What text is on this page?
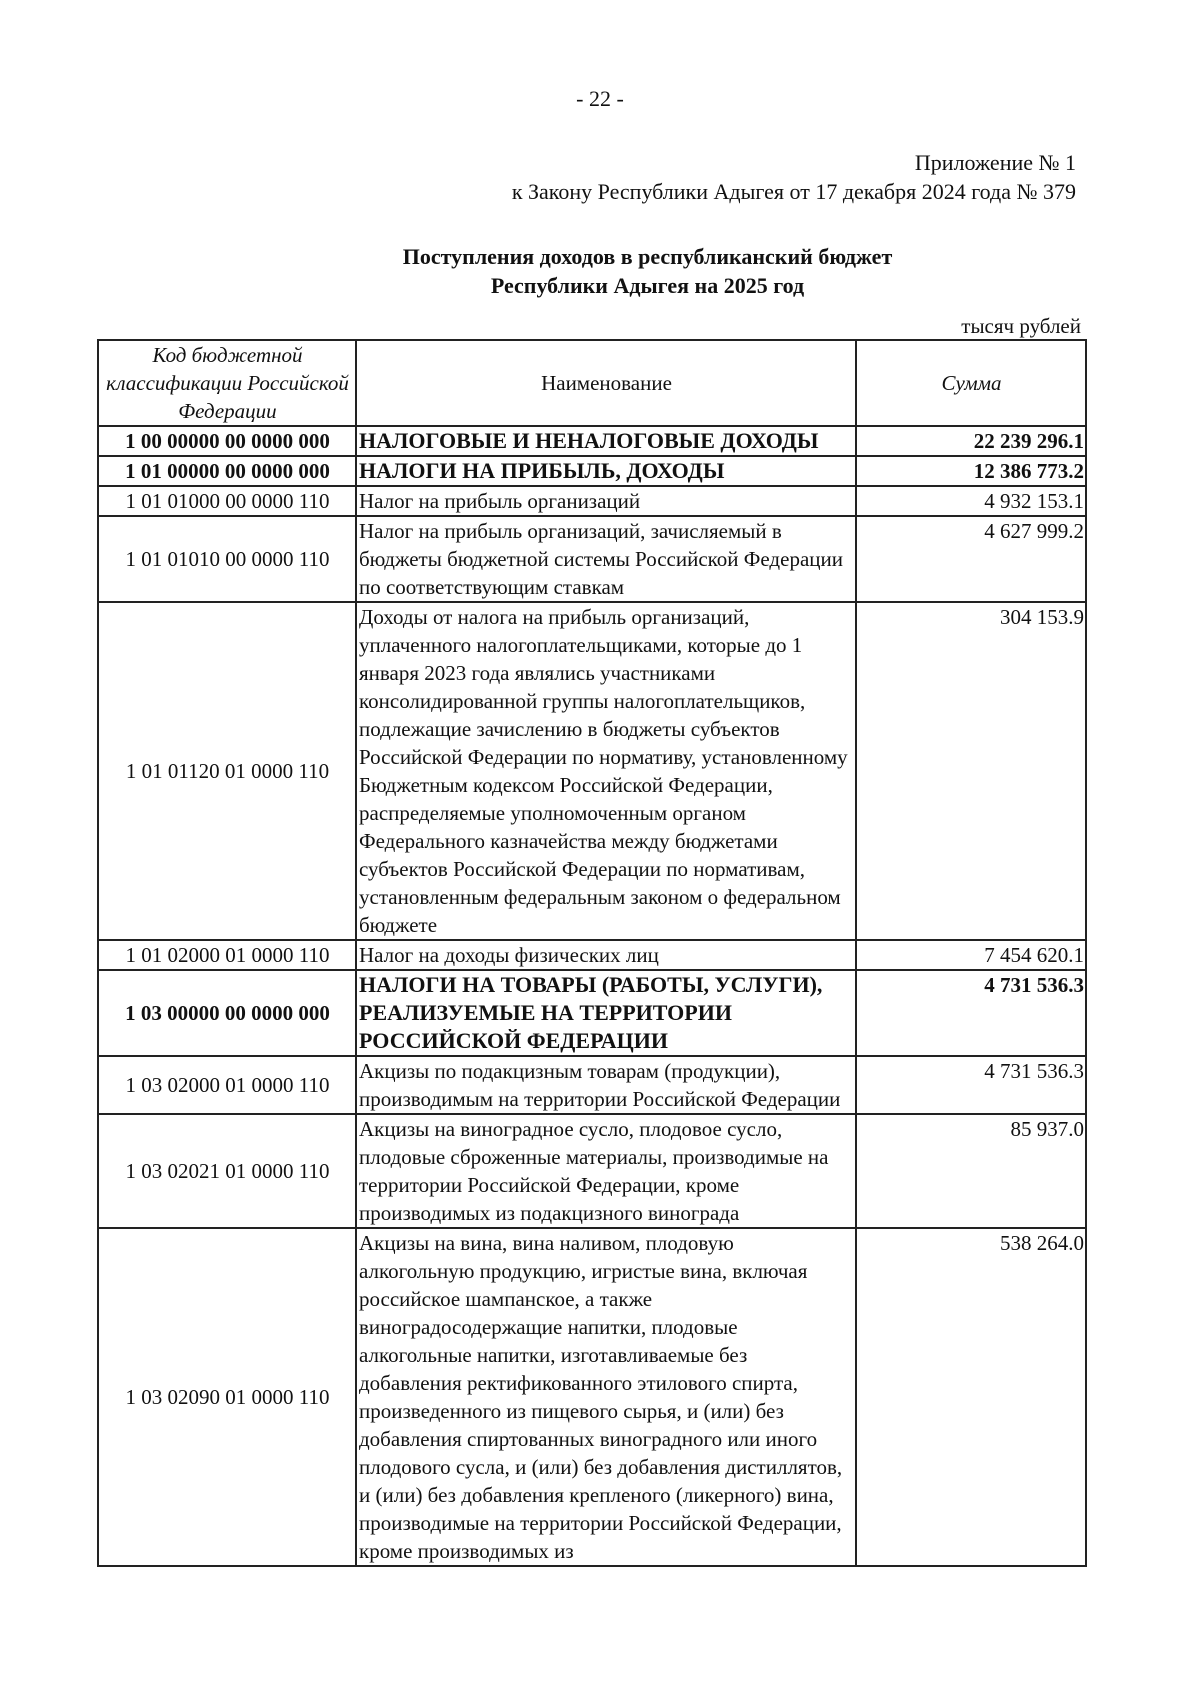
- 22 -
Приложение № 1
к Закону Республики Адыгея от 17 декабря 2024 года № 379
Поступления доходов в республиканский бюджет
Республики Адыгея на 2025 год
тысяч рублей
Код бюджетной классификации Российской Федерации	Наименование	Сумма
1 00 00000 00 0000 000	НАЛОГОВЫЕ И НЕНАЛОГОВЫЕ ДОХОДЫ	22 239 296.1
1 01 00000 00 0000 000	НАЛОГИ НА ПРИБЫЛЬ, ДОХОДЫ	12 386 773.2
1 01 01000 00 0000 110	Налог на прибыль организаций	4 932 153.1
1 01 01010 00 0000 110	Налог на прибыль организаций, зачисляемый в бюджеты бюджетной системы Российской Федерации по соответствующим ставкам	4 627 999.2
1 01 01120 01 0000 110	Доходы от налога на прибыль организаций, уплаченного налогоплательщиками, которые до 1 января 2023 года являлись участниками консолидированной группы налогоплательщиков, подлежащие зачислению в бюджеты субъектов Российской Федерации по нормативу, установленному Бюджетным кодексом Российской Федерации, распределяемые уполномоченным органом Федерального казначейства между бюджетами субъектов Российской Федерации по нормативам, установленным федеральным законом о федеральном бюджете	304 153.9
1 01 02000 01 0000 110	Налог на доходы физических лиц	7 454 620.1
1 03 00000 00 0000 000	НАЛОГИ НА ТОВАРЫ (РАБОТЫ, УСЛУГИ), РЕАЛИЗУЕМЫЕ НА ТЕРРИТОРИИ РОССИЙСКОЙ ФЕДЕРАЦИИ	4 731 536.3
1 03 02000 01 0000 110	Акцизы по подакцизным товарам (продукции), производимым на территории Российской Федерации	4 731 536.3
1 03 02021 01 0000 110	Акцизы на виноградное сусло, плодовое сусло, плодовые сброженные материалы, производимые на территории Российской Федерации, кроме производимых из подакцизного винограда	85 937.0
1 03 02090 01 0000 110	Акцизы на вина, вина наливом, плодовую алкогольную продукцию, игристые вина, включая российское шампанское, а также виноградосодержащие напитки, плодовые алкогольные напитки, изготавливаемые без добавления ректификованного этилового спирта, произведенного из пищевого сырья, и (или) без добавления спиртованных виноградного или иного плодового сусла, и (или) без добавления дистиллятов, и (или) без добавления крепленого (ликерного) вина, производимые на территории Российской Федерации, кроме производимых из	538 264.0
